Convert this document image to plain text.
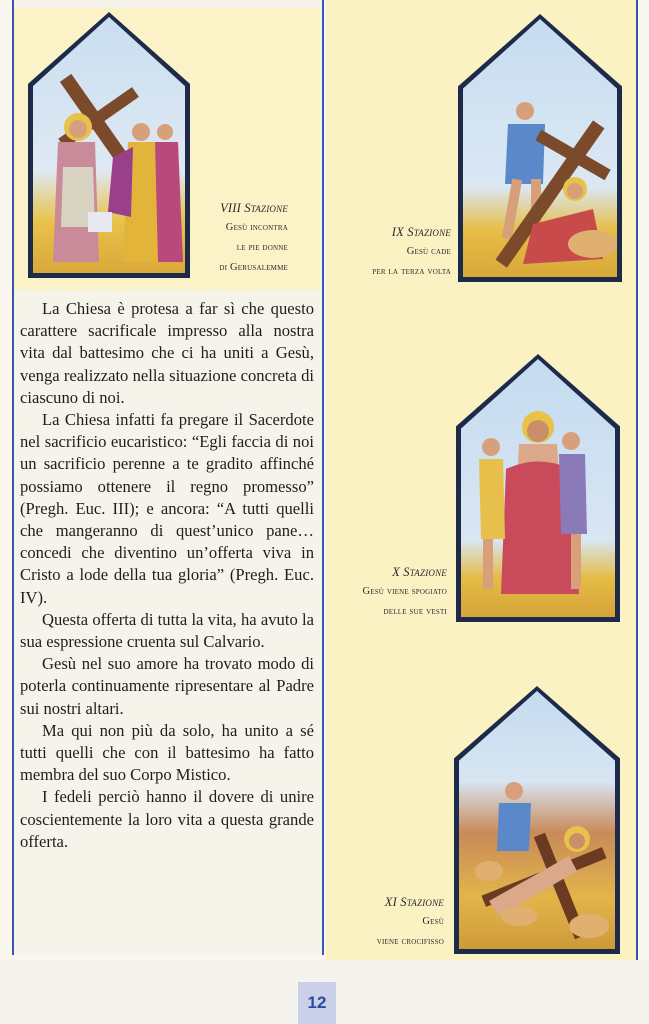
VIII Stazione
Gesù incontra
le pie donne
di Gerusalemme
IX Stazione
Gesù cade
per la terza volta
X Stazione
Gesù viene spogiato
delle sue vesti
XI Stazione
Gesù
viene crocifisso

La Chiesa è protesa a far sì che questo carattere sacrificale impresso alla nostra vita dal battesimo che ci ha uniti a Gesù, venga realizzato nella situazione concreta di ciascuno di noi.

La Chiesa infatti fa pregare il Sacerdote nel sacrificio eucaristico: “Egli faccia di noi un sacrificio perenne a te gradito affinché possiamo ottenere il regno promesso” (Pregh. Euc. III); e ancora: “A tutti quelli che mangeranno di quest’unico pane… concedi che diventino un’offerta viva in Cristo a lode della tua gloria” (Pregh. Euc. IV).

Questa offerta di tutta la vita, ha avuto la sua espressione cruenta sul Calvario.

Gesù nel suo amore ha trovato modo di poterla continuamente ripresentare al Padre sui nostri altari.

Ma qui non più da solo, ha unito a sé tutti quelli che con il battesimo ha fatto membra del suo Corpo Mistico.

I fedeli perciò hanno il dovere di unire coscientemente la loro vita a questa grande offerta.

12
